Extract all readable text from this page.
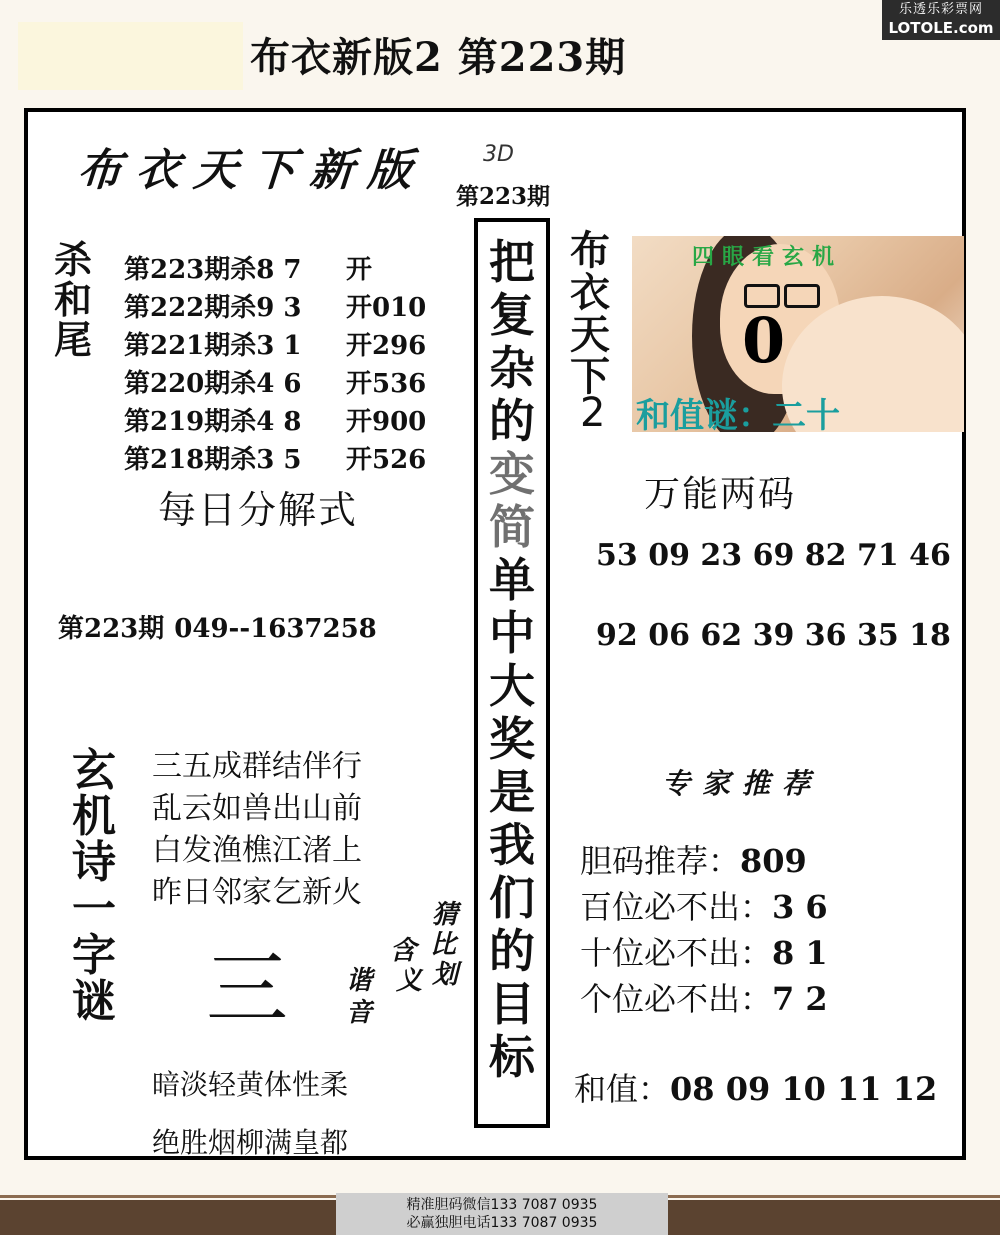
布衣新版2 第223期
乐透乐彩票网
LOTOLE.com
布衣天下新版	3D
第223期
杀
和
尾
第223期杀8 7	开
第222期杀9 3	开010
第221期杀3 1	开296
第220期杀4 6	开536
第219期杀4 8	开900
第218期杀3 5	开526
每日分解式
第223期 049--1637258
玄
机
诗
一
字
谜
三五成群结伴行
乱云如兽出山前
白发渔樵江渚上
昨日邻家乞新火
三
猜
比
划
含
义
谐
音
暗淡轻黄体性柔
绝胜烟柳满皇都
把
复
杂
的
变
简
单
中
大
奖
是
我
们
的
目
标
布
衣
天
下
2
四眼看玄机
0
和值谜：二十
万能两码
53 09 23 69 82 71 46
92 06 62 39 36 35 18
专家推荐
胆码推荐：809
百位必不出：3 6
十位必不出：8 1
个位必不出：7 2
和值：08 09 10 11 12
精准胆码微信133 7087 0935
必赢独胆电话133 7087 0935
